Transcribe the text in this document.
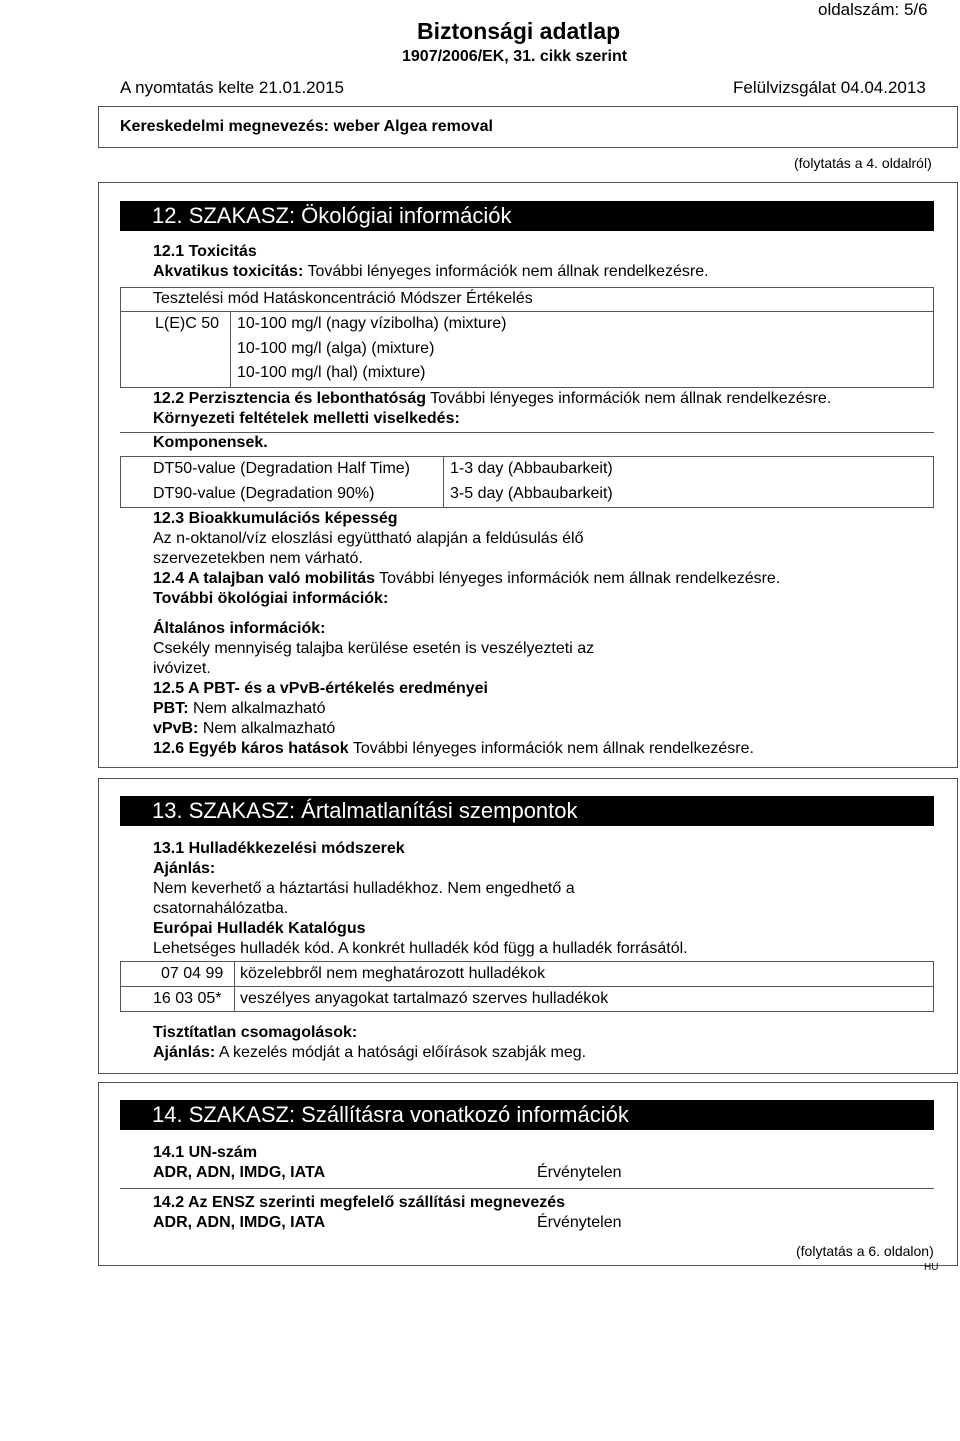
oldalszám: 5/6
Biztonsági adatlap
1907/2006/EK, 31. cikk szerint
A nyomtatás kelte 21.01.2015	Felülvizsgálat 04.04.2013
Kereskedelmi megnevezés: weber Algea removal
(folytatás a 4. oldalról)
12. SZAKASZ: Ökológiai információk
12.1 Toxicitás
Akvatikus toxicitás: További lényeges információk nem állnak rendelkezésre.
Tesztelési mód Hatáskoncentráció Módszer Értékelés
L(E)C 50 10-100 mg/l (nagy vízibolha) (mixture)
10-100 mg/l (alga) (mixture)
10-100 mg/l (hal) (mixture)
12.2 Perzisztencia és lebonthatóság További lényeges információk nem állnak rendelkezésre.
Környezeti feltételek melletti viselkedés:
Komponensek.
DT50-value (Degradation Half Time)	1-3 day (Abbaubarkeit)
DT90-value (Degradation 90%)	3-5 day (Abbaubarkeit)
12.3 Bioakkumulációs képesség
Az n-oktanol/víz eloszlási együttható alapján a feldúsulás élő
szervezetekben nem várható.
12.4 A talajban való mobilitás További lényeges információk nem állnak rendelkezésre.
További ökológiai információk:
Általános információk:
Csekély mennyiség talajba kerülése esetén is veszélyezteti az
ivóvizet.
12.5 A PBT- és a vPvB-értékelés eredményei
PBT: Nem alkalmazható
vPvB: Nem alkalmazható
12.6 Egyéb káros hatások További lényeges információk nem állnak rendelkezésre.
13. SZAKASZ: Ártalmatlanítási szempontok
13.1 Hulladékkezelési módszerek
Ajánlás:
Nem keverhető a háztartási hulladékhoz. Nem engedhető a
csatornahálózatba.
Európai Hulladék Katalógus
Lehetséges hulladék kód. A konkrét hulladék kód függ a hulladék forrásától.
07 04 99 közelebbről nem meghatározott hulladékok
16 03 05* veszélyes anyagokat tartalmazó szerves hulladékok
Tisztítatlan csomagolások:
Ajánlás: A kezelés módját a hatósági előírások szabják meg.
14. SZAKASZ: Szállításra vonatkozó információk
14.1 UN-szám
ADR, ADN, IMDG, IATA	Érvénytelen
14.2 Az ENSZ szerinti megfelelő szállítási megnevezés
ADR, ADN, IMDG, IATA	Érvénytelen
(folytatás a 6. oldalon)
HU
